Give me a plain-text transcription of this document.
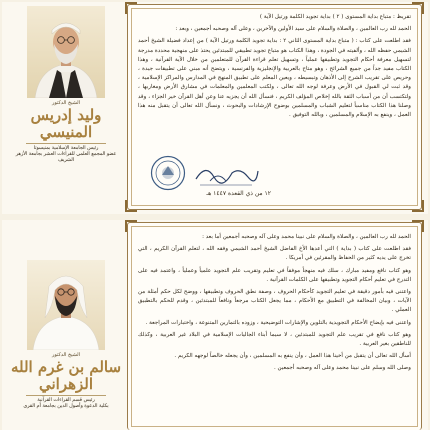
الشيخ الدكتور
وليد إدريس المنيسي
رئيس الجامعة الإسلامية بمنيسوتا
عضو المجمع العلمي للقراءات العشر بجامعة الأزهر الشريف

تقريظ : متباع بداية المستوى ( ٢ ) بداية تجويد الكلمة ورتيل الآية )

الحمد لله رب العالمين ، والصلاة والسلام على سيد الأولين والآخرين ، وعلى آله وصحبه أجمعين ، وبعد :

فقد اطلعت على كتاب : ( متباع بداية المستوى الثاني ٢ : بداية تجويد الكلمة ورتيل الآية ) من إعداد فضيلة الشيخ أحمد الشيمي حفظه الله ، وألفيته في الجودة ، وهذا الكتاب هو متباع تجويد تطبيقي للمبتدئين يحتذ على منهجية محددة مدرجة لتسهيل معرفة أحكام التجويد وتطبيقها عملياً ، وتسهيل تعلم قراءة القرآن للمتعلمين من خلال الآية القرآنية ، وهذا الكتاب مفيد جداً من جميع الشرائح ، وهو متاح بالعربية والإنجليزية والفرنسية ، ويتضح أنه مبني على تطبيقات جيدة ، وحريص على تقريب الشرح إلى الأذهان وتبسيطه ، ويعين المعلم على تطبيق المنهج في المدارس والمراكز الإسلامية ، وقد ثبت لي القبول في الأرض وعرفة لوجه الله تعالى ، ولكتب المعلمين والمعلمات في مشارق الأرض ومغاربها ، ولتكتسب أن من أسباب الثقة بالله إخلاص المؤلف الكريم ، فنسأل الله أن يجزيه عنا وعن أهل القرآن خير الجزاء ، وقد وصلنا هذا الكتاب مناسباً لتعليم الشباب والمسلمين بوضوح الإرشادات والبحوث ، ونسأل الله تعالى أن يتقبل منه هذا العمل ، وينفع به الإسلام والمسلمين ، وبالله التوفيق .

١٢ من ذي القعدة ١٤٤٧ هـ
الشيخ الدكتور
سالم بن غرم الله الزهراني
رئيس قسم القراءات القرآنية
بكلية الدعوة وأصول الدين بجامعة أم القرى

الحمد لله رب العالمين ، والصلاة والسلام على نبينا محمد وعلى آله وصحبه أجمعين أما بعد :

فقد اطلعت على كتاب ( بداية ) التي أعدها الأخ الفاضل الشيخ أحمد الشيمي وفقه الله ، لتعلم القرآن الكريم ، التي تخرج على يديه كثير من الحفاظ والمقرئين في أمريكا .

وهو كتاب نافع ومفيد مبارك ، سلك فيه منهجاً موفقاً في تعليم وتقريب علم التجويد علمياً وعملياً ، واعتمد فيه على التدرج في تعليم أحكام التجويد وتطبيقها على الكلمات القرآنية .

واعتنى فيه بأمور دقيقة في تعليم التجويد كأحكام الحروف ، وصفة نطق الحروف وتطبيقها ، ووضح لكل حكم أمثلة من الآيات ، وبيان المخالفة في التطبيق مع الأحكام ، مما يجعل الكتاب مرجعاً ونافعاً للمبتدئين ، وقدم للحكم بالتطبيق العملي .

واعتنى فيه بإيضاح الأحكام التجويدية بالتلوين والإشارات التوضيحية ، وزوده بالتمارين المتنوعة ، واختبارات المراجعة .

وهو كتاب نافع في تقريب علم التجويد للمبتدئين ، لا سيما أبناء الجاليات الإسلامية في البلاد غير العربية ، وكذلك للناطقين بغير العربية .

أسأل الله تعالى أن يتقبل من أخينا هذا العمل ، وأن ينفع به المسلمين ، وأن يجعله خالصاً لوجهه الكريم .

وصلى الله وسلم على نبينا محمد وعلى آله وصحبه أجمعين .
